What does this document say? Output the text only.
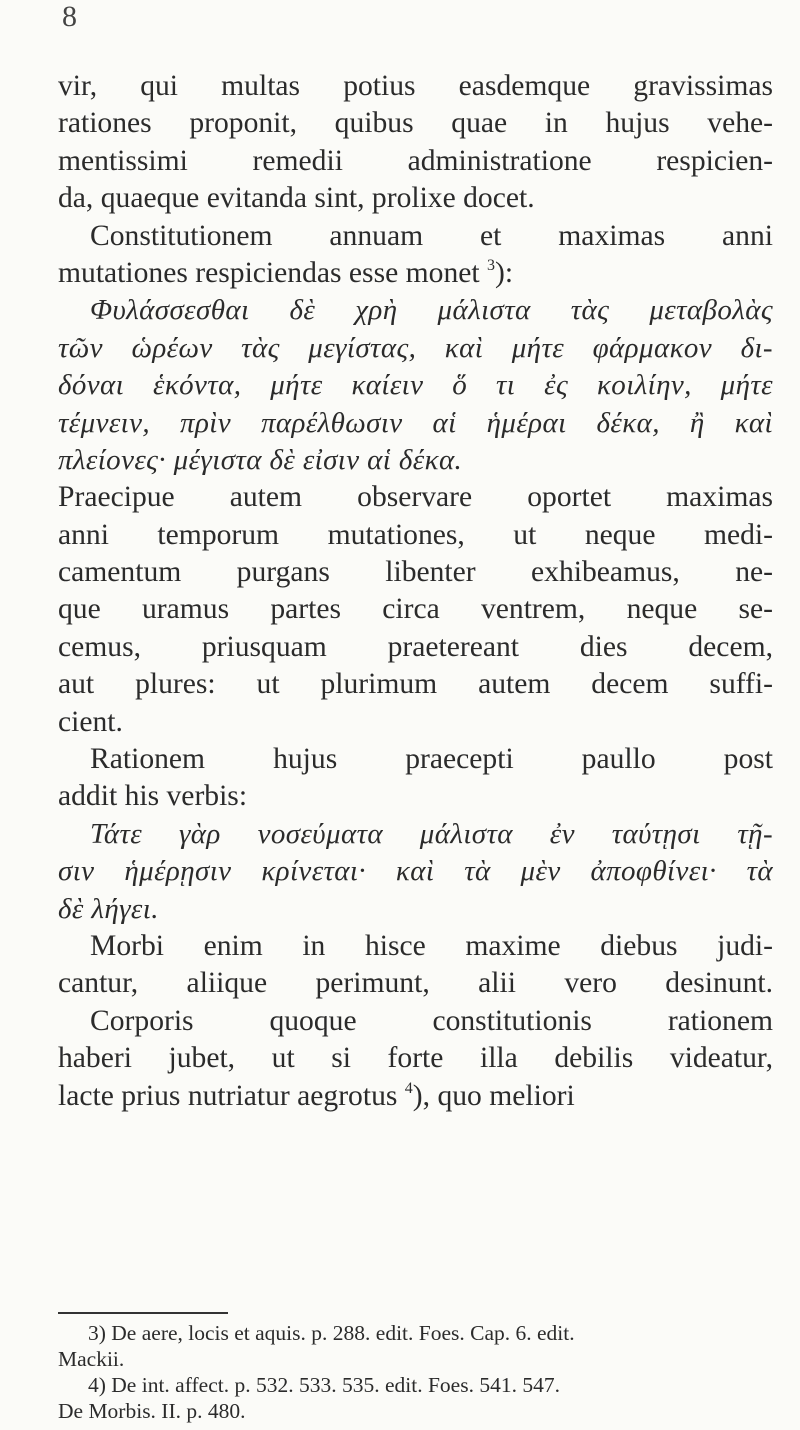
8
vir, qui multas potius easdemque gravissimas
rationes proponit, quibus quae in hujus vehe-
mentissimi remedii administratione respicien-
da, quaeque evitanda sint, prolixe docet.
Constitutionem annuam et maximas anni
mutationes respiciendas esse monet $^3$):
Φυλάσσεσθαι δὲ χρὴ μάλιστα τὰς μεταβολὰς
τῶν ὡρέων τὰς μεγίστας, καὶ μήτε φάρμακον δι-
δόναι ἑκόντα, μήτε καίειν ὅ τι ἐς κοιλίην, μήτε
τέμνειν, πρὶν παρέλθωσιν αἱ ἡμέραι δέκα, ἢ καὶ
πλείονες· μέγιστα δὲ εἰσιν αἱ δέκα.
Praecipue autem observare oportet maximas
anni temporum mutationes, ut neque medi-
camentum purgans libenter exhibeamus, ne-
que uramus partes circa ventrem, neque se-
cemus, priusquam praetereant dies decem,
aut plures: ut plurimum autem decem suffi-
cient.
Rationem hujus praecepti paullo post
addit his verbis:
Τάτε γὰρ νοσεύματα μάλιστα ἐν ταύτῃσι τῇ-
σιν ἡμέρῃσιν κρίνεται· καὶ τὰ μὲν ἀποφθίνει· τὰ
δὲ λήγει.
Morbi enim in hisce maxime diebus judi-
cantur, aliique perimunt, alii vero desinunt.
Corporis quoque constitutionis rationem
haberi jubet, ut si forte illa debilis videatur,
lacte prius nutriatur aegrotus $^4$), quo meliori
3) De aere, locis et aquis. p. 288. edit. Foes. Cap. 6. edit.
Mackii.
4) De int. affect. p. 532. 533. 535. edit. Foes. 541. 547.
De Morbis. II. p. 480.
